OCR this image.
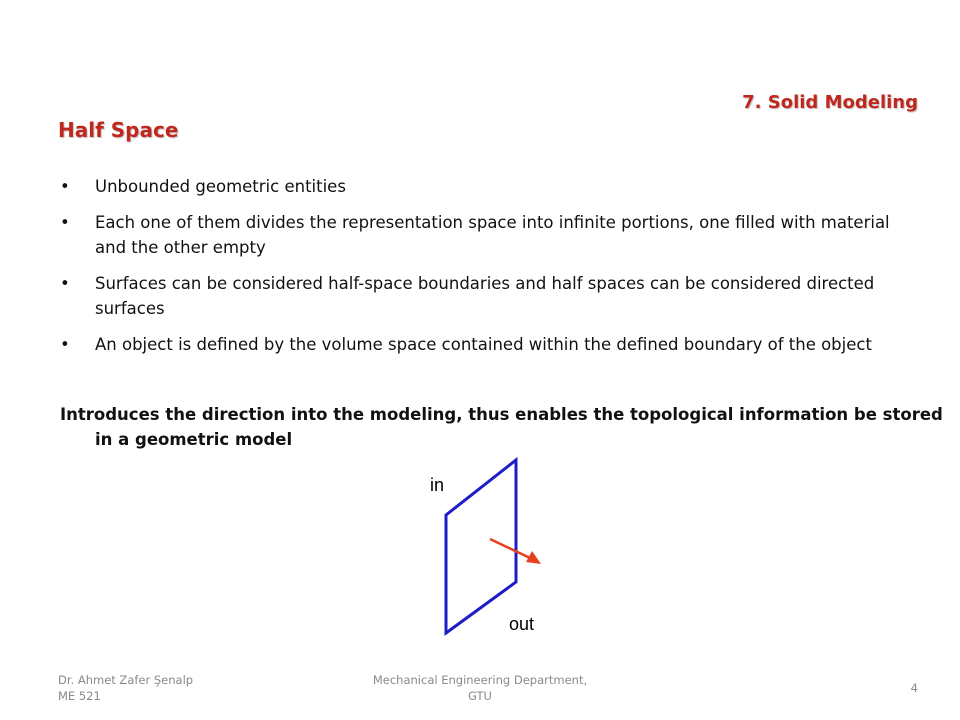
7. Solid Modeling
Half Space
• Unbounded geometric entities
• Each one of them divides the representation space into infinite portions, one filled with material and the other empty
• Surfaces can be considered half-space boundaries and half spaces can be considered directed surfaces
• An object is defined by the volume space contained within the defined boundary of the object
Introduces the direction into the modeling, thus enables the topological information be stored in a geometric model
in
out
Dr. Ahmet Zafer Şenalp
ME 521
Mechanical Engineering Department,
GTU
4
